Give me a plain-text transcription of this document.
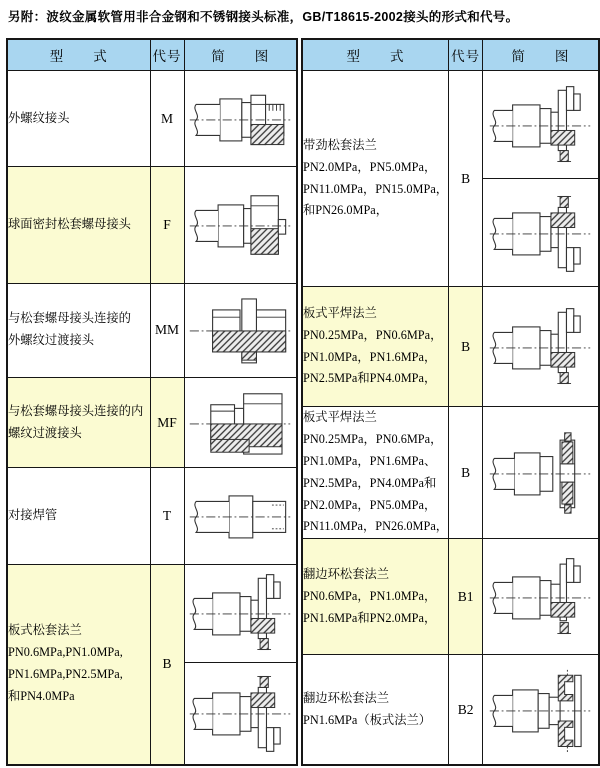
另附：波纹金属软管用非合金钢和不锈钢接头标准，GB/T18615-2002接头的形式和代号。
型　　式	代号	简　　图

外螺纹接头	M	

球面密封松套螺母接头	F	

与松套螺母接头连接的
外螺纹过渡接头	MM	

与松套螺母接头连接的内
螺纹过渡接头	MF	

对接焊管	T	

板式松套法兰
PN0.6MPa,PN1.0MPa,
PN1.6MPa,PN2.5MPa,
和PN4.0MPa	B	

型　　式	代号	简　　图

带劲松套法兰
PN2.0MPa，PN5.0MPa，
PN11.0MPa，PN15.0MPa，
和PN26.0MPa，	B	

板式平焊法兰
PN0.25MPa，PN0.6MPa，
PN1.0MPa，PN1.6MPa，
PN2.5MPa和PN4.0MPa，	B	

板式平焊法兰
PN0.25MPa，PN0.6MPa，
PN1.0MPa，PN1.6MPa、
PN2.5MPa，PN4.0MPa和
PN2.0MPa，PN5.0MPa，
PN11.0MPa，PN26.0MPa，
	B	

翻边环松套法兰
PN0.6MPa，PN1.0MPa，
PN1.6MPa和PN2.0MPa，	B1	

翻边环松套法兰
PN1.6MPa（板式法兰）	B2	
